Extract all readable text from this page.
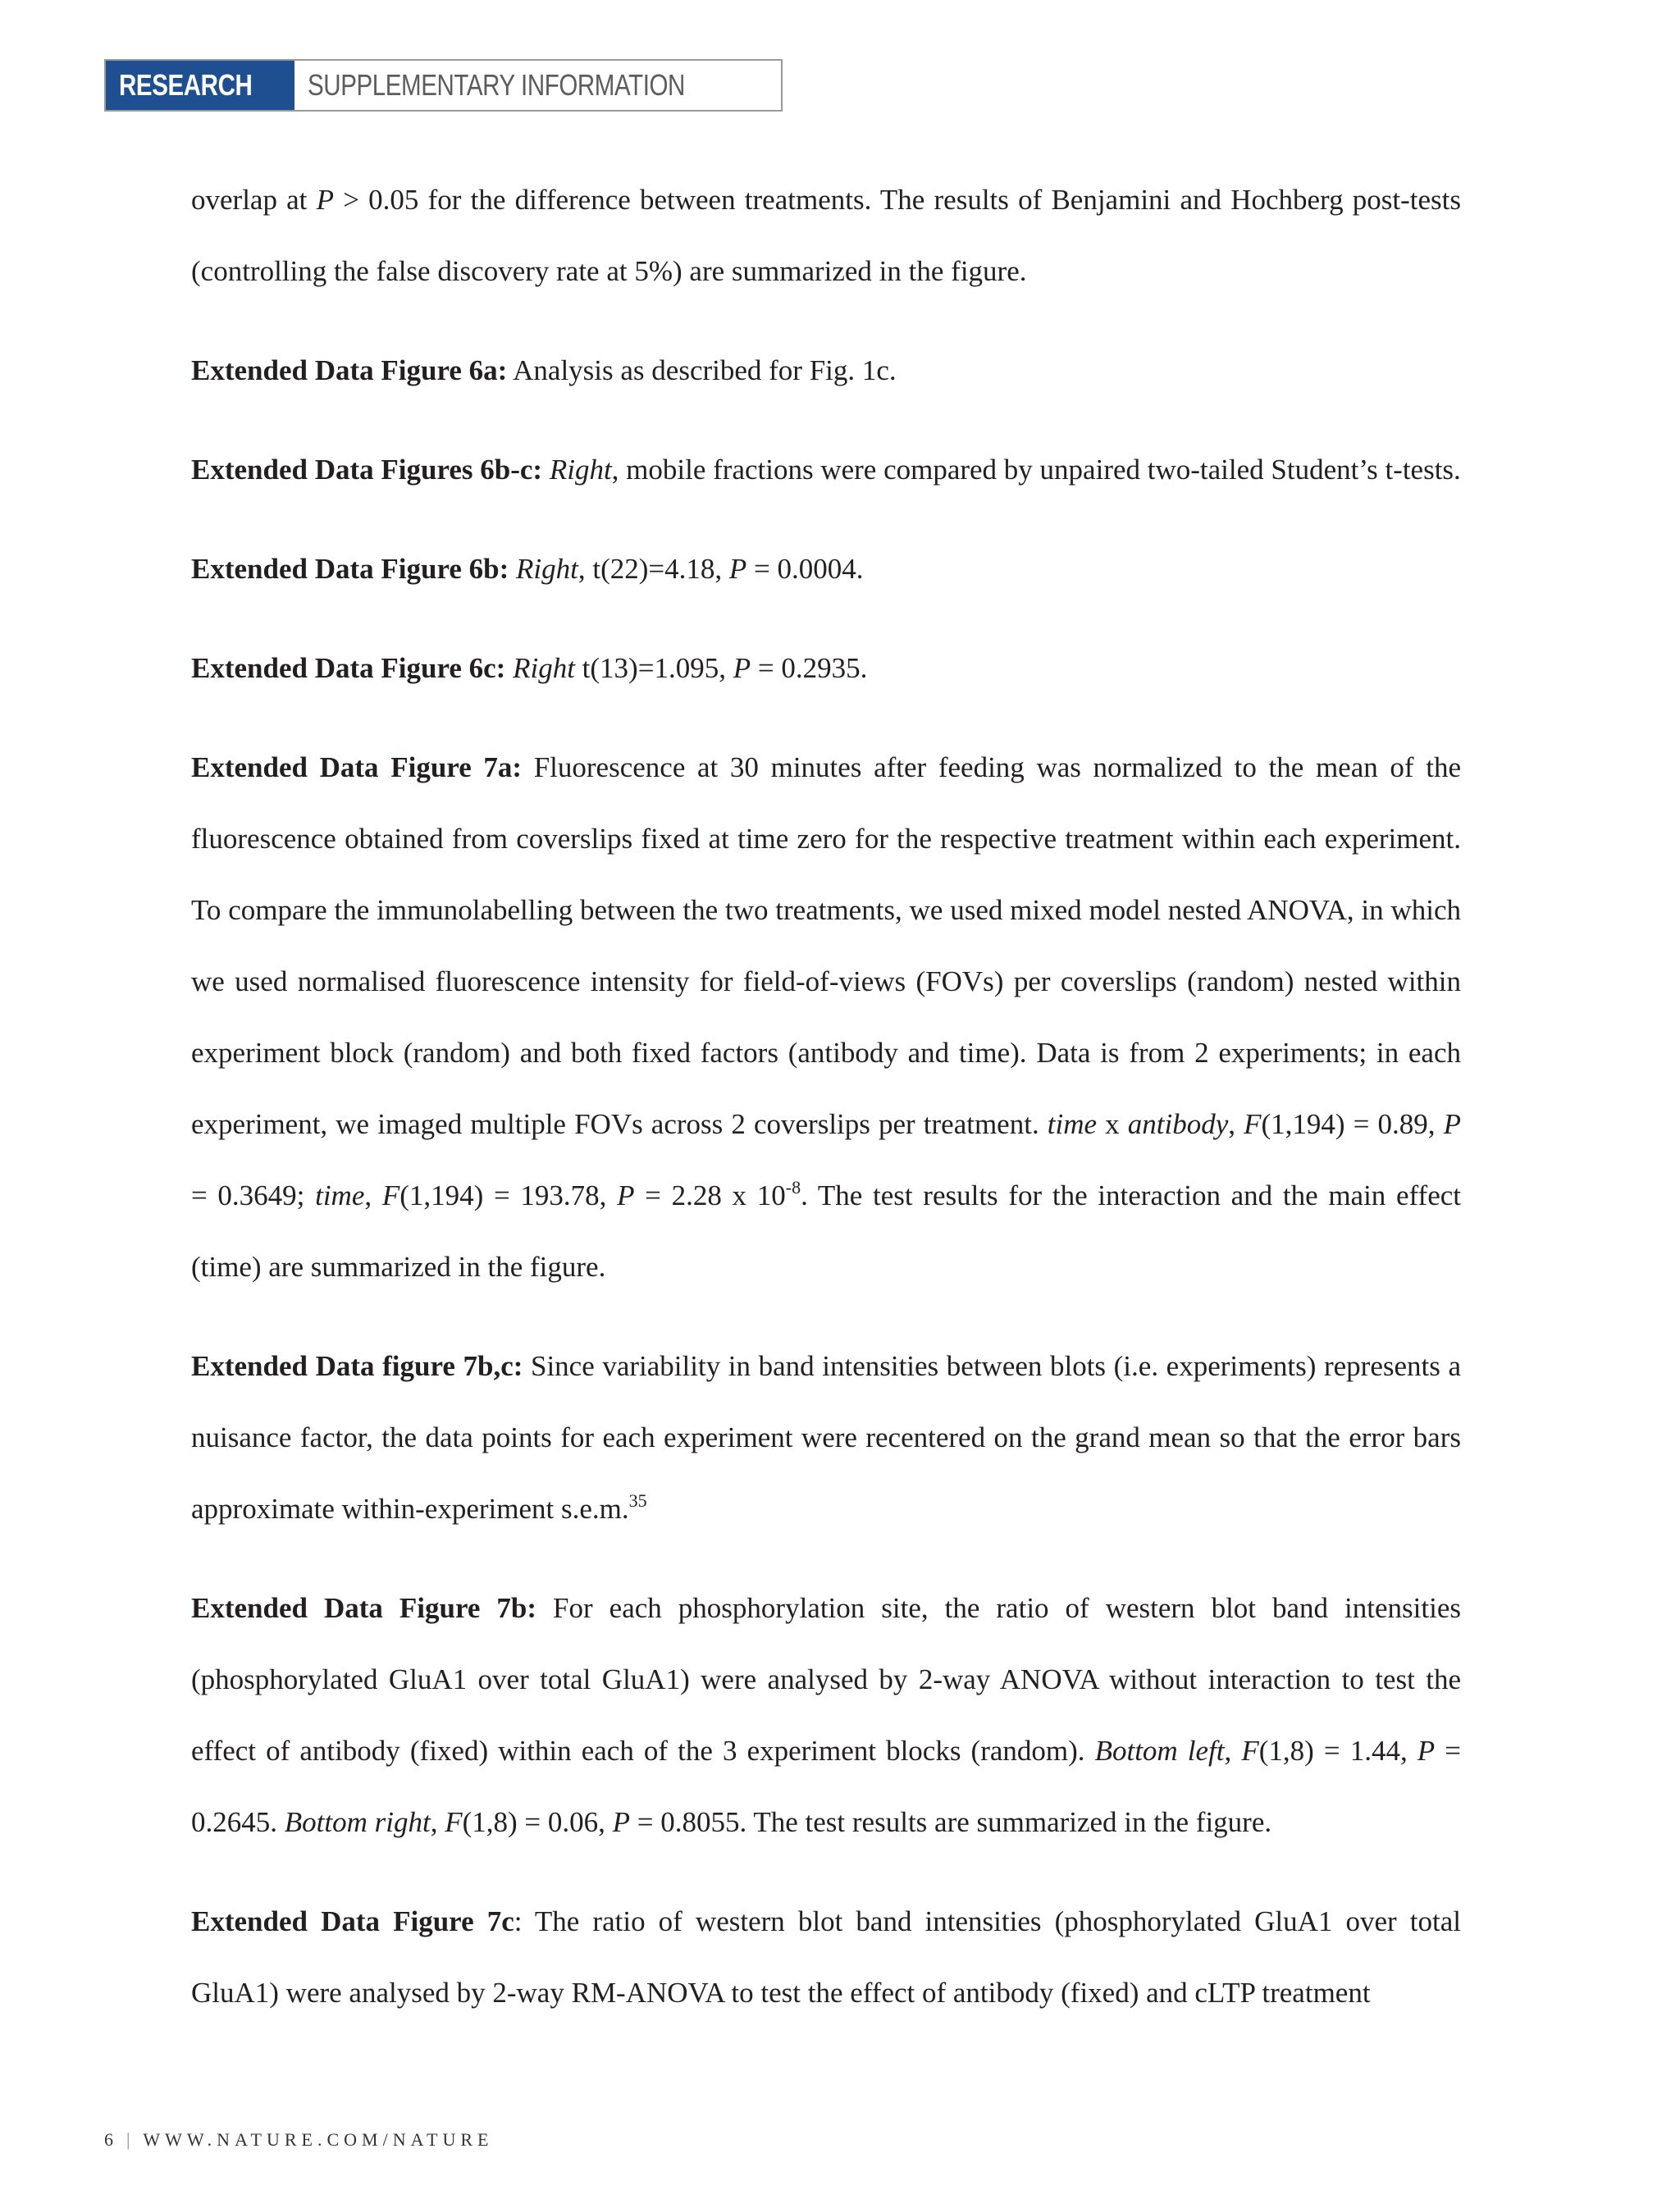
RESEARCH	SUPPLEMENTARY INFORMATION

overlap at P > 0.05 for the difference between treatments. The results of Benjamini and Hochberg post-tests (controlling the false discovery rate at 5%) are summarized in the figure.

Extended Data Figure 6a: Analysis as described for Fig. 1c.

Extended Data Figures 6b-c: Right, mobile fractions were compared by unpaired two-tailed Student’s t-tests.

Extended Data Figure 6b: Right, t(22)=4.18, P = 0.0004.

Extended Data Figure 6c: Right t(13)=1.095, P = 0.2935.

Extended Data Figure 7a: Fluorescence at 30 minutes after feeding was normalized to the mean of the fluorescence obtained from coverslips fixed at time zero for the respective treatment within each experiment. To compare the immunolabelling between the two treatments, we used mixed model nested ANOVA, in which we used normalised fluorescence intensity for field-of-views (FOVs) per coverslips (random) nested within experiment block (random) and both fixed factors (antibody and time). Data is from 2 experiments; in each experiment, we imaged multiple FOVs across 2 coverslips per treatment. time x antibody, F(1,194) = 0.89, P = 0.3649; time, F(1,194) = 193.78, P = 2.28 x $10^{-8}$. The test results for the interaction and the main effect (time) are summarized in the figure.

Extended Data figure 7b,c: Since variability in band intensities between blots (i.e. experiments) represents a nuisance factor, the data points for each experiment were recentered on the grand mean so that the error bars approximate within-experiment s.e.m.$^{35}$

Extended Data Figure 7b: For each phosphorylation site, the ratio of western blot band intensities (phosphorylated GluA1 over total GluA1) were analysed by 2-way ANOVA without interaction to test the effect of antibody (fixed) within each of the 3 experiment blocks (random). Bottom left, F(1,8) = 1.44, P = 0.2645. Bottom right, F(1,8) = 0.06, P = 0.8055. The test results are summarized in the figure.

Extended Data Figure 7c: The ratio of western blot band intensities (phosphorylated GluA1 over total GluA1) were analysed by 2-way RM-ANOVA to test the effect of antibody (fixed) and cLTP treatment

6 | WWW.NATURE.COM/NATURE
